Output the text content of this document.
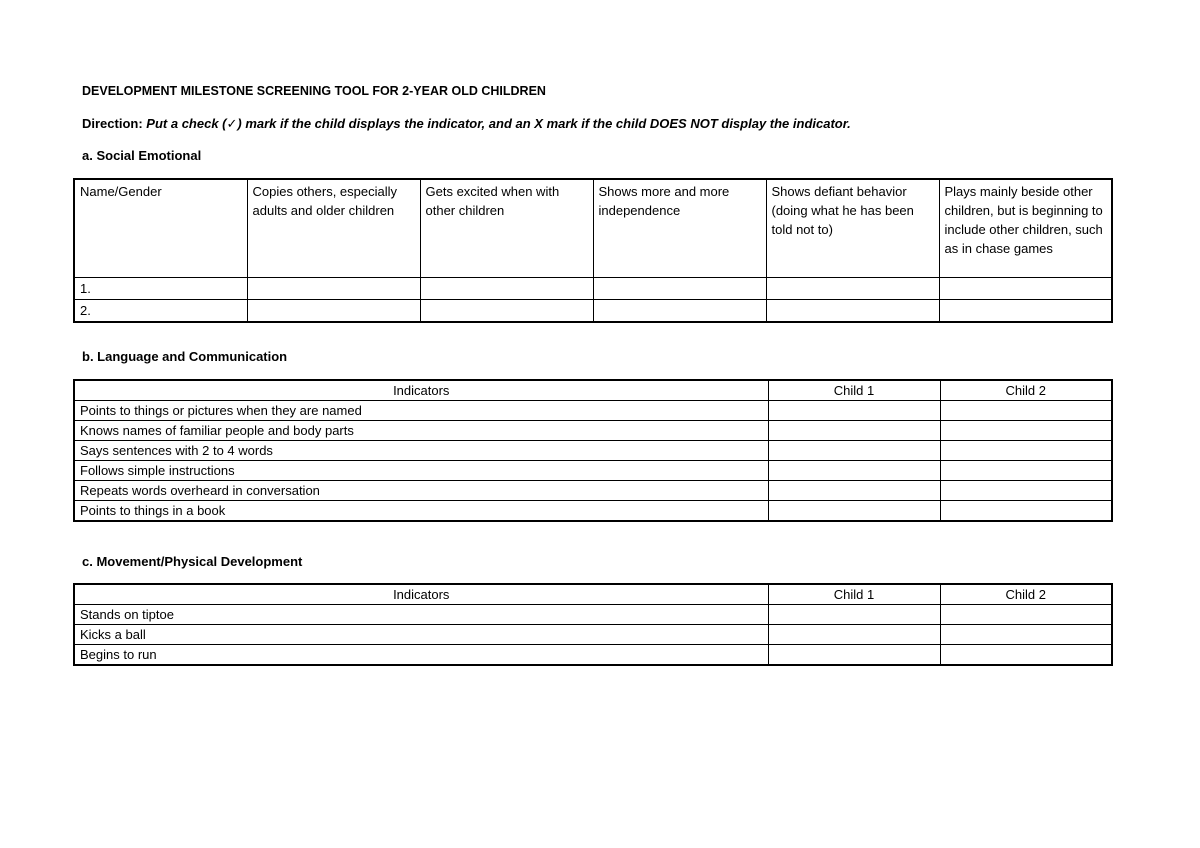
DEVELOPMENT MILESTONE SCREENING TOOL FOR 2-YEAR OLD CHILDREN
Direction: Put a check (✓) mark if the child displays the indicator, and an X mark if the child DOES NOT display the indicator.
a. Social Emotional
Name/Gender	Copies others, especially adults and older children	Gets excited when with other children	Shows more and more independence	Shows defiant behavior (doing what he has been told not to)	Plays mainly beside other children, but is beginning to include other children, such as in chase games
1.					
2.					
b. Language and Communication
Indicators	Child 1	Child 2
Points to things or pictures when they are named		
Knows names of familiar people and body parts		
Says sentences with 2 to 4 words		
Follows simple instructions		
Repeats words overheard in conversation		
Points to things in a book		
c. Movement/Physical Development
Indicators	Child 1	Child 2
Stands on tiptoe		
Kicks a ball		
Begins to run		
